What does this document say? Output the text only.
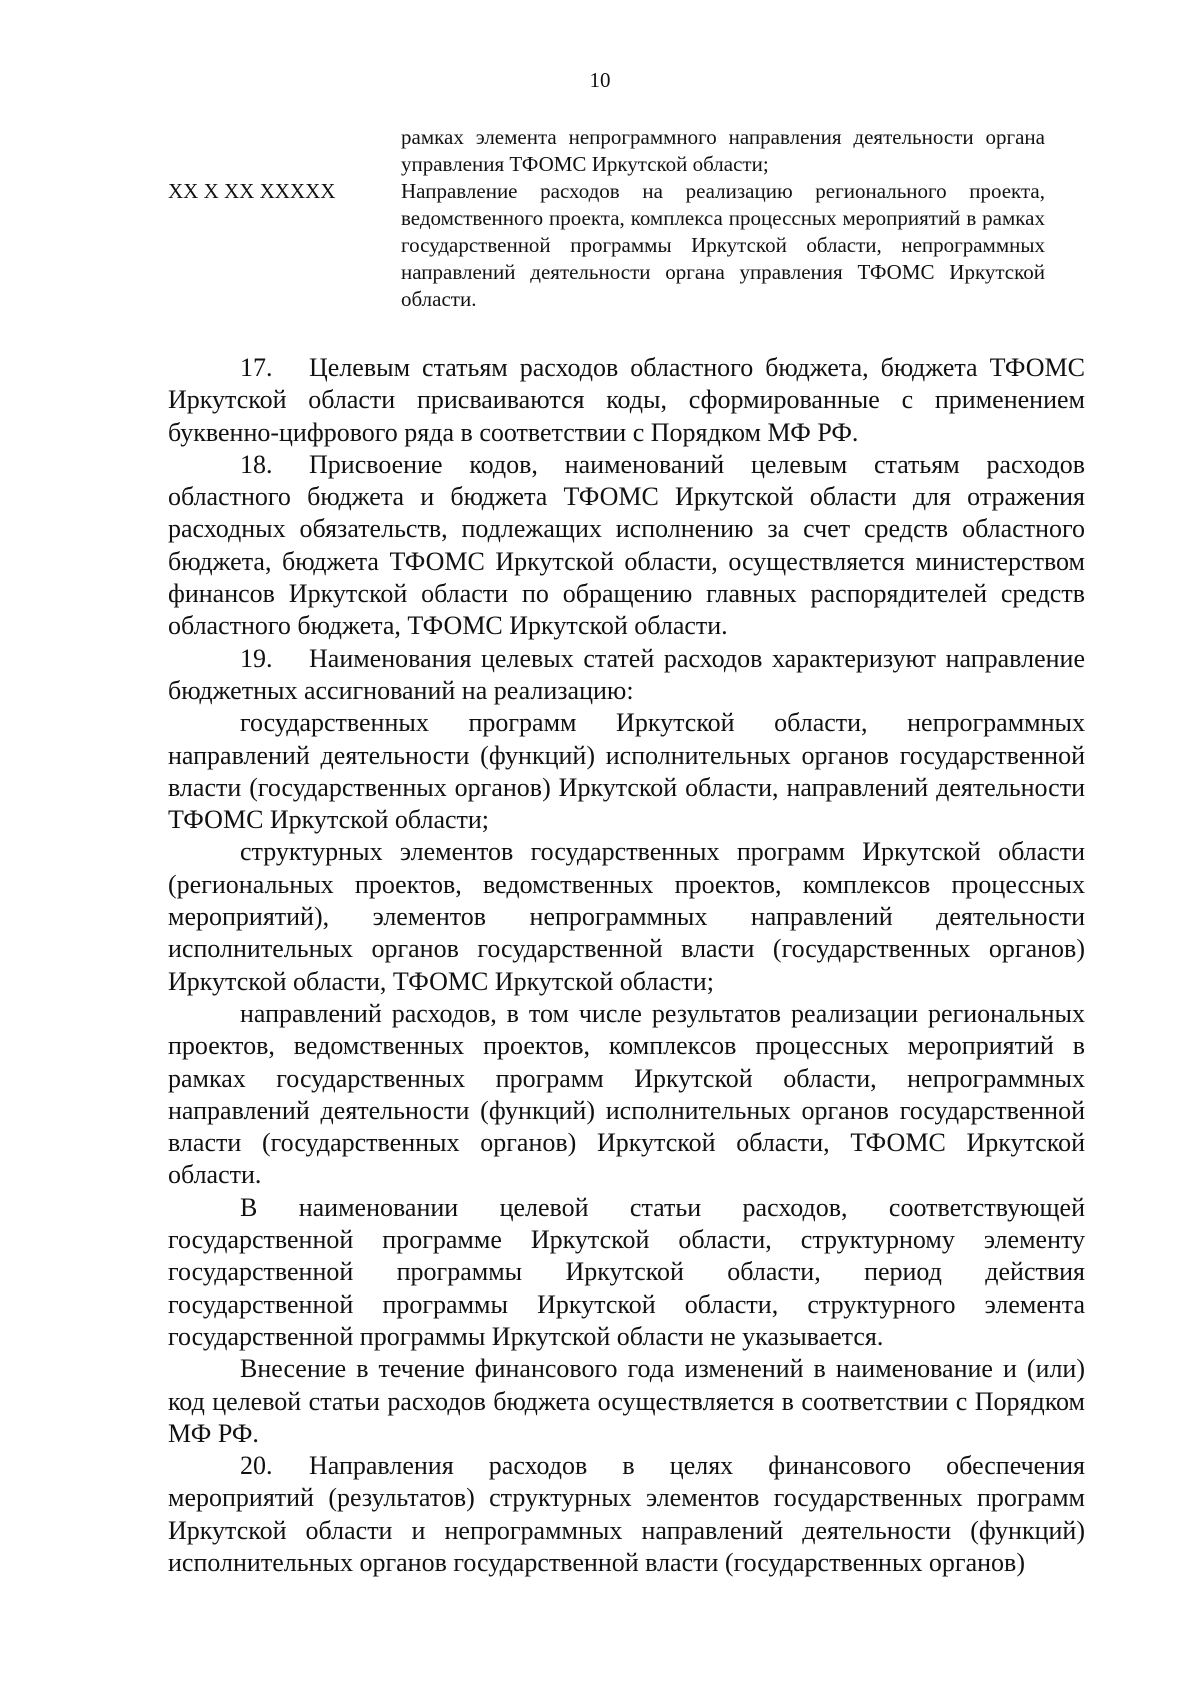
10
рамках элемента непрограммного направления деятельности органа управления ТФОМС Иркутской области;
XX X XX XXXXX	Направление расходов на реализацию регионального проекта, ведомственного проекта, комплекса процессных мероприятий в рамках государственной программы Иркутской области, непрограммных направлений деятельности органа управления ТФОМС Иркутской области.

17. Целевым статьям расходов областного бюджета, бюджета ТФОМС Иркутской области присваиваются коды, сформированные с применением буквенно-цифрового ряда в соответствии с Порядком МФ РФ.

18. Присвоение кодов, наименований целевым статьям расходов областного бюджета и бюджета ТФОМС Иркутской области для отражения расходных обязательств, подлежащих исполнению за счет средств областного бюджета, бюджета ТФОМС Иркутской области, осуществляется министерством финансов Иркутской области по обращению главных распорядителей средств областного бюджета, ТФОМС Иркутской области.

19. Наименования целевых статей расходов характеризуют направление бюджетных ассигнований на реализацию:

государственных программ Иркутской области, непрограммных направлений деятельности (функций) исполнительных органов государственной власти (государственных органов) Иркутской области, направлений деятельности ТФОМС Иркутской области;

структурных элементов государственных программ Иркутской области (региональных проектов, ведомственных проектов, комплексов процессных мероприятий), элементов непрограммных направлений деятельности исполнительных органов государственной власти (государственных органов) Иркутской области, ТФОМС Иркутской области;

направлений расходов, в том числе результатов реализации региональных проектов, ведомственных проектов, комплексов процессных мероприятий в рамках государственных программ Иркутской области, непрограммных направлений деятельности (функций) исполнительных органов государственной власти (государственных органов) Иркутской области, ТФОМС Иркутской области.

В наименовании целевой статьи расходов, соответствующей государственной программе Иркутской области, структурному элементу государственной программы Иркутской области, период действия государственной программы Иркутской области, структурного элемента государственной программы Иркутской области не указывается.

Внесение в течение финансового года изменений в наименование и (или) код целевой статьи расходов бюджета осуществляется в соответствии с Порядком МФ РФ.

20. Направления расходов в целях финансового обеспечения мероприятий (результатов) структурных элементов государственных программ Иркутской области и непрограммных направлений деятельности (функций) исполнительных органов государственной власти (государственных органов)
